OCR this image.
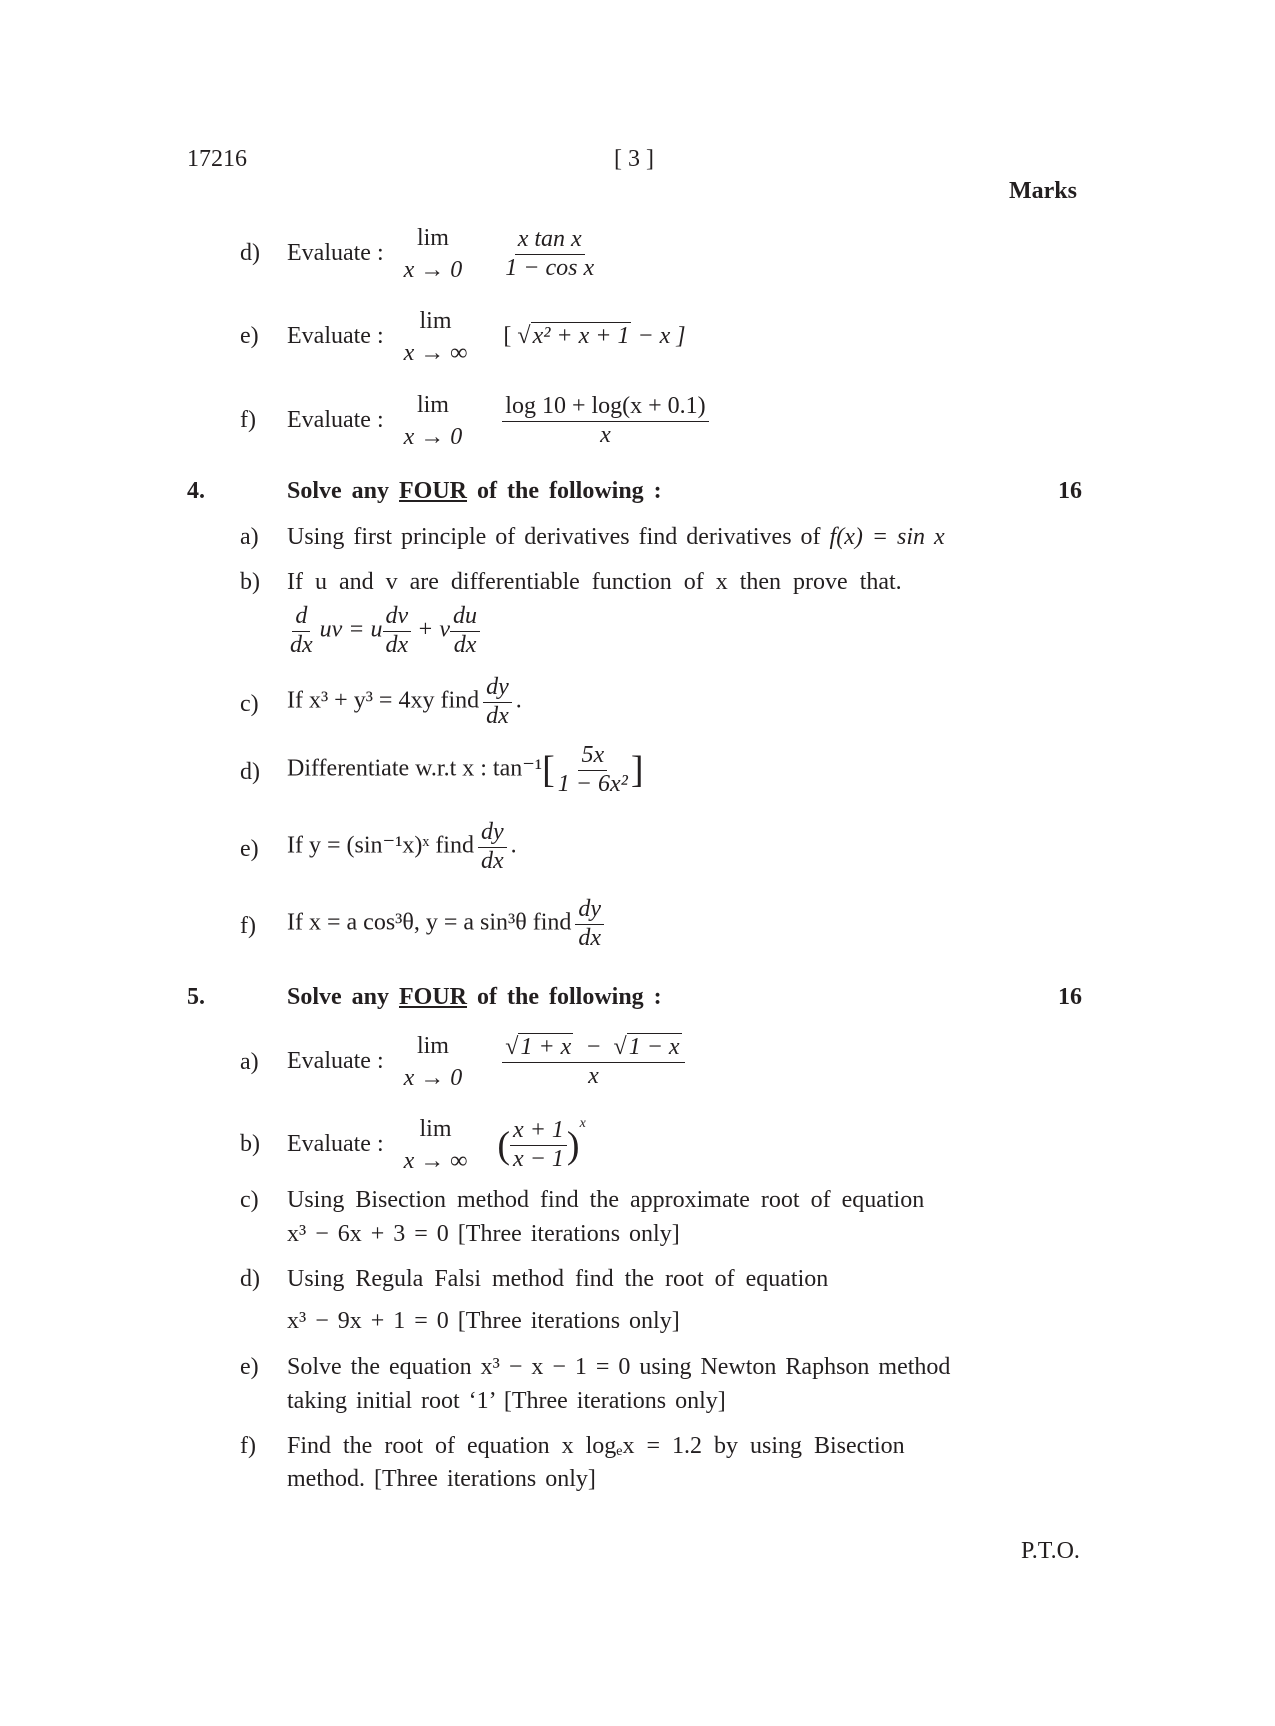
17216	[ 3 ]
Marks
d) Evaluate :
lim
x → 0
$\frac{\text{x tan x}}{\text{1 − cos x}}$
e) Evaluate :
lim
x → ∞
[ √x² + x + 1 − x ]
f) Evaluate :
lim
x → 0
$\frac{\log 10 + \log(x + 0.1)}{x}$
4.	Solve any FOUR of the following :	16
a) Using first principle of derivatives find derivatives of f(x) = sin x
b) If u and v are differentiable function of x then prove that.
$\frac{d}{dx}$ uv = u $\frac{dv}{dx} + v \frac{du}{dx}$
c) If x³ + y³ = 4xy find $\frac{dy}{dx}$ .
d) Differentiate w.r.t x : $\tan^{-1}[ \frac{5x}{\text{1 − 6x²}}$ ]
e) If y = (sin⁻¹x)ˣ find $\frac{dy}{dx}$ .
f) If x = a cos³θ, y = a sin³θ find $\frac{dy}{dx}$
5.	Solve any FOUR of the following :	16
a) Evaluate :
lim
x → 0
$\frac{√1 + x - √1 - x}{x}$
b) Evaluate :
lim
x → ∞ ( $\frac{x + 1}{x - 1} )^x$
c) Using Bisection method find the approximate root of equation
x³ − 6x + 3 = 0 [Three iterations only]
d) Using Regula Falsi method find the root of equation
x³ − 9x + 1 = 0 [Three iterations only]
e) Solve the equation x³ − x − 1 = 0 using Newton Raphson method
taking initial root ‘1’ [Three iterations only]
f) Find the root of equation x logₑx = 1.2 by using Bisection
method. [Three iterations only]
P.T.O.
